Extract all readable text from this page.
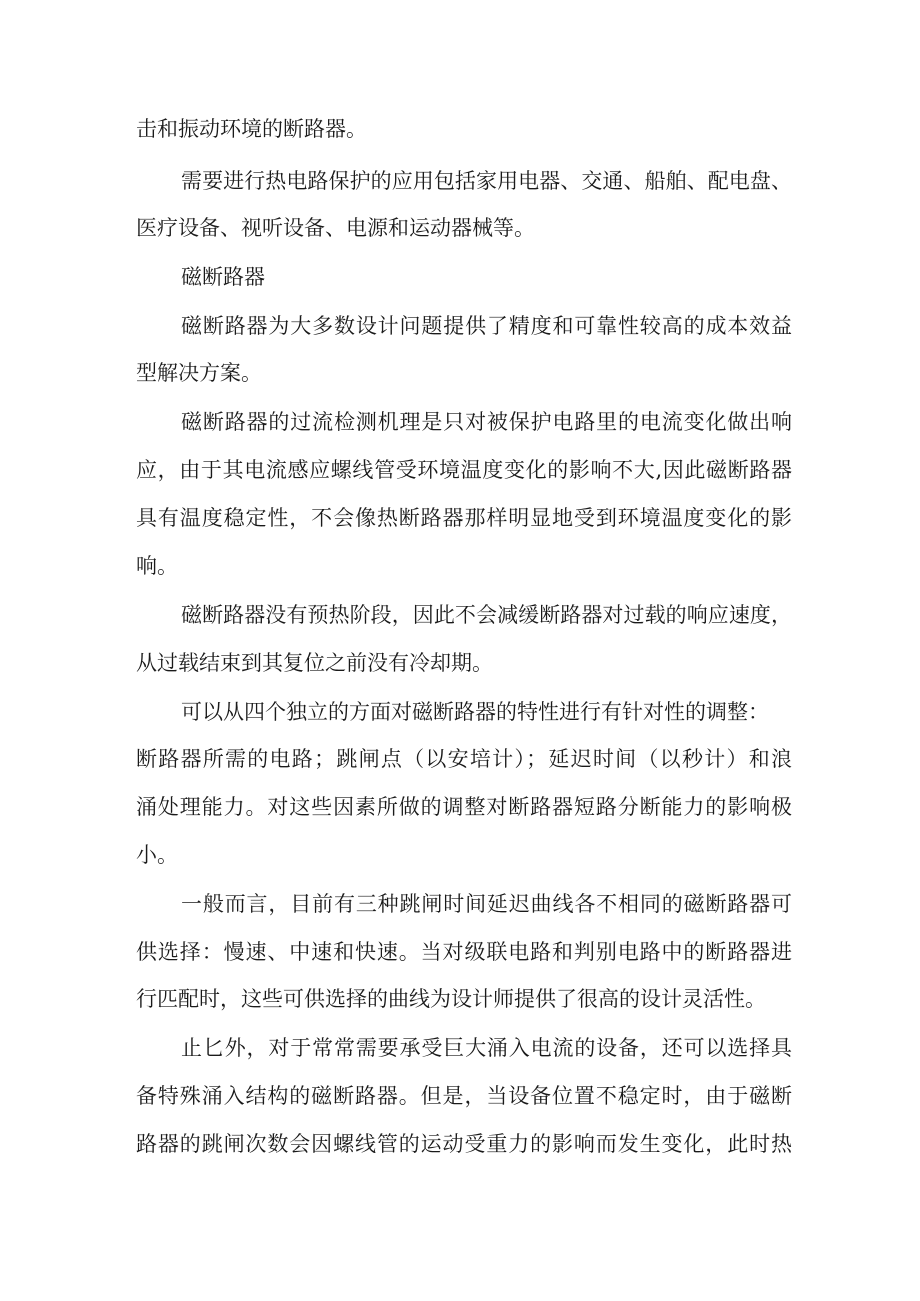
击和振动环境的断路器。

需要进行热电路保护的应用包括家用电器、交通、船舶、配电盘、

医疗设备、视听设备、电源和运动器械等。

磁断路器

磁断路器为大多数设计问题提供了精度和可靠性较高的成本效益

型解决方案。

磁断路器的过流检测机理是只对被保护电路里的电流变化做出响

应，由于其电流感应螺线管受环境温度变化的影响不大,因此磁断路器

具有温度稳定性，不会像热断路器那样明显地受到环境温度变化的影

响。

磁断路器没有预热阶段，因此不会减缓断路器对过载的响应速度，

从过载结束到其复位之前没有冷却期。

可以从四个独立的方面对磁断路器的特性进行有针对性的调整：

断路器所需的电路；跳闸点（以安培计）；延迟时间（以秒计）和浪

涌处理能力。对这些因素所做的调整对断路器短路分断能力的影响极

小。

一般而言，目前有三种跳闸时间延迟曲线各不相同的磁断路器可

供选择：慢速、中速和快速。当对级联电路和判别电路中的断路器进

行匹配时，这些可供选择的曲线为设计师提供了很高的设计灵活性。

止匕外，对于常常需要承受巨大涌入电流的设备，还可以选择具

备特殊涌入结构的磁断路器。但是，当设备位置不稳定时，由于磁断

路器的跳闸次数会因螺线管的运动受重力的影响而发生变化，此时热
